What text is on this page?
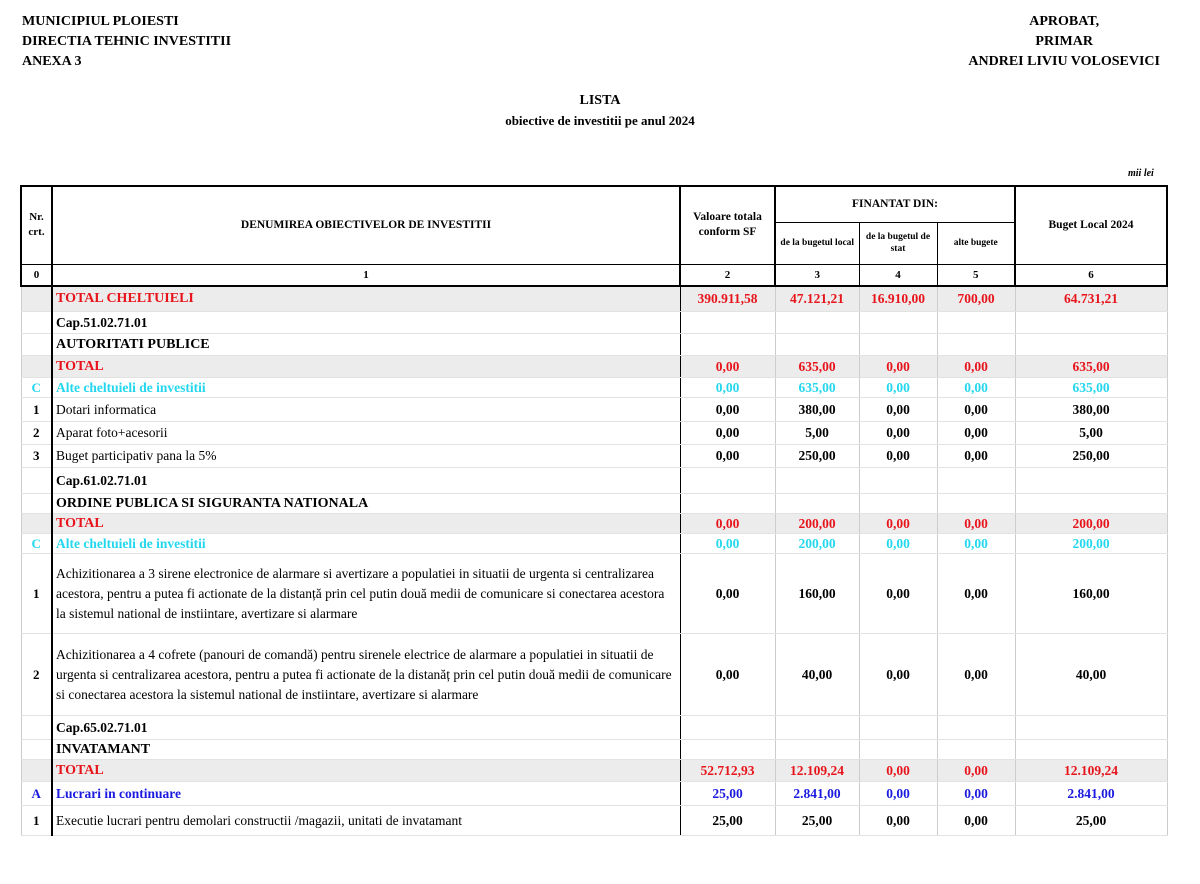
MUNICIPIUL PLOIESTI
DIRECTIA TEHNIC INVESTITII
ANEXA 3
APROBAT,
PRIMAR
ANDREI LIVIU VOLOSEVICI
LISTA
obiective de investitii pe anul 2024
mii lei
Nr. crt.	DENUMIREA OBIECTIVELOR DE INVESTITII	Valoare totala conform SF	FINANTAT DIN:			Buget Local 2024
			de la bugetul local	de la bugetul de stat	alte bugete	
0	1	2	3	4	5	6
	TOTAL CHELTUIELI	390.911,58	47.121,21	16.910,00	700,00	64.731,21
	Cap.51.02.71.01					
	AUTORITATI PUBLICE					
	TOTAL	0,00	635,00	0,00	0,00	635,00
C	Alte cheltuieli de investitii	0,00	635,00	0,00	0,00	635,00
1	Dotari informatica	0,00	380,00	0,00	0,00	380,00
2	Aparat foto+acesorii	0,00	5,00	0,00	0,00	5,00
3	Buget participativ pana la 5%	0,00	250,00	0,00	0,00	250,00
	Cap.61.02.71.01					
	ORDINE PUBLICA SI SIGURANTA NATIONALA					
	TOTAL	0,00	200,00	0,00	0,00	200,00
C	Alte cheltuieli de investitii	0,00	200,00	0,00	0,00	200,00
1	Achizitionarea a 3 sirene electronice de alarmare si avertizare a populatiei in situatii de urgenta si centralizarea acestora, pentru a putea fi actionate de la distanță prin cel putin două medii de comunicare si conectarea acestora la sistemul national de instiintare, avertizare si alarmare	0,00	160,00	0,00	0,00	160,00
2	Achizitionarea a 4 cofrete (panouri de comandă) pentru sirenele electrice de alarmare a populatiei in situatii de urgenta si centralizarea acestora, pentru a putea fi actionate de la distanăț prin cel putin două medii de comunicare si conectarea acestora la sistemul national de instiintare, avertizare si alarmare	0,00	40,00	0,00	0,00	40,00
	Cap.65.02.71.01					
	INVATAMANT					
	TOTAL	52.712,93	12.109,24	0,00	0,00	12.109,24
A	Lucrari in continuare	25,00	2.841,00	0,00	0,00	2.841,00
1	Executie lucrari pentru demolari constructii /magazii, unitati de invatamant	25,00	25,00	0,00	0,00	25,00
